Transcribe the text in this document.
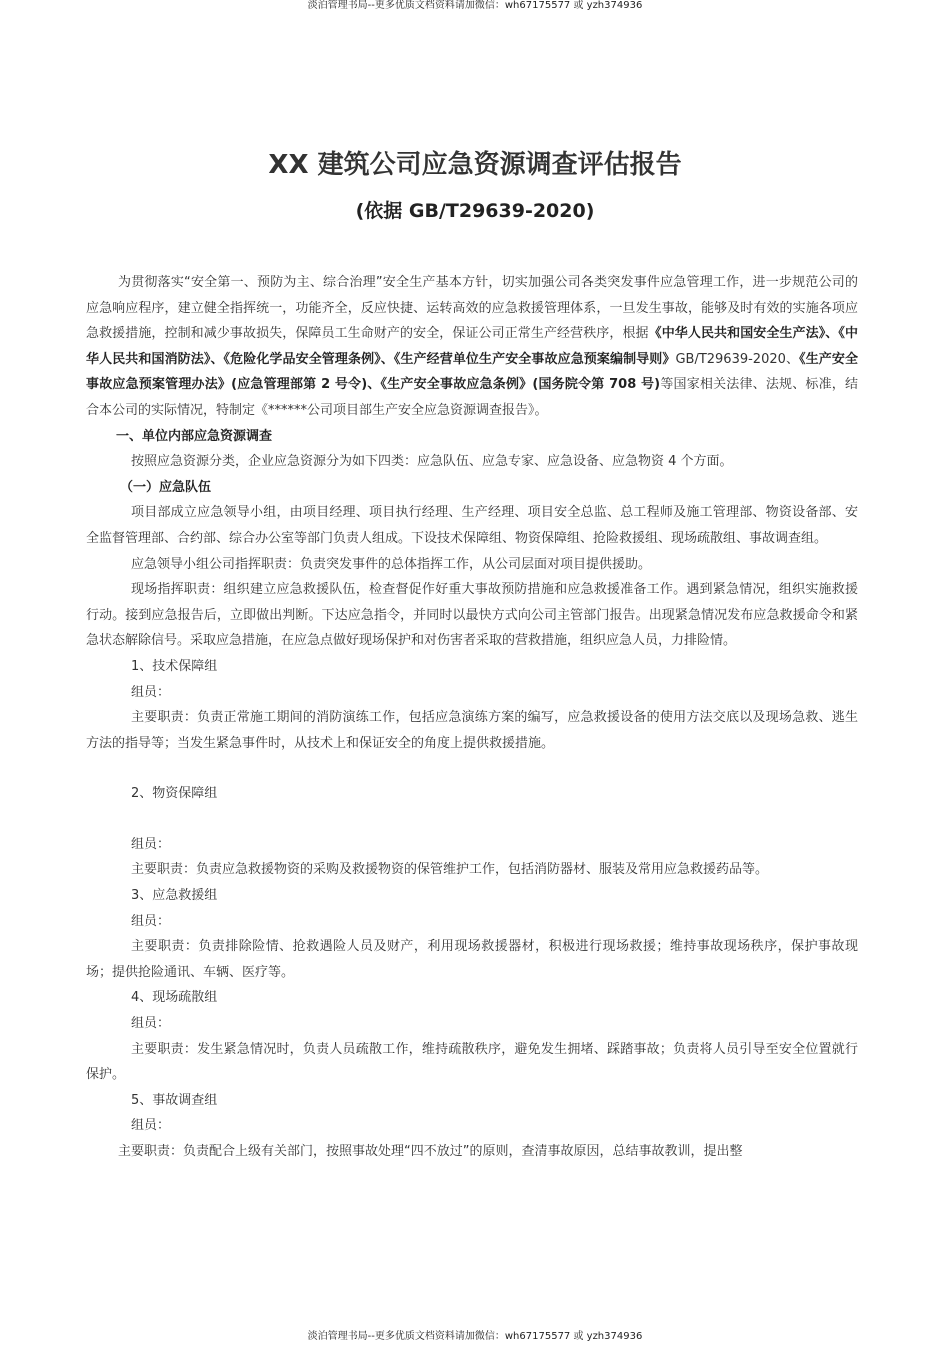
淡泊管理书局--更多优质文档资料请加微信：wh67175577 或 yzh374936
XX 建筑公司应急资源调查评估报告
(依据 GB/T29639-2020)

为贯彻落实“安全第一、预防为主、综合治理”安全生产基本方针，切实加强公司各类突发事件应急管理工作，进一步规范公司的应急响应程序，建立健全指挥统一，功能齐全，反应快捷、运转高效的应急救援管理体系，一旦发生事故，能够及时有效的实施各项应急救援措施，控制和减少事故损失，保障员工生命财产的安全，保证公司正常生产经营秩序，根据《中华人民共和国安全生产法》、《中华人民共和国消防法》、《危险化学品安全管理条例》、《生产经营单位生产安全事故应急预案编制导则》GB/T29639-2020、《生产安全事故应急预案管理办法》(应急管理部第 2 号令)、《生产安全事故应急条例》(国务院令第 708 号)等国家相关法律、法规、标准，结合本公司的实际情况，特制定《******公司项目部生产安全应急资源调查报告》。

一、单位内部应急资源调查

按照应急资源分类，企业应急资源分为如下四类：应急队伍、应急专家、应急设备、应急物资 4 个方面。

（一）应急队伍

项目部成立应急领导小组，由项目经理、项目执行经理、生产经理、项目安全总监、总工程师及施工管理部、物资设备部、安全监督管理部、合约部、综合办公室等部门负责人组成。下设技术保障组、物资保障组、抢险救援组、现场疏散组、事故调查组。

应急领导小组公司指挥职责：负责突发事件的总体指挥工作，从公司层面对项目提供援助。

现场指挥职责：组织建立应急救援队伍，检查督促作好重大事故预防措施和应急救援准备工作。遇到紧急情况，组织实施救援行动。接到应急报告后，立即做出判断。下达应急指令，并同时以最快方式向公司主管部门报告。出现紧急情况发布应急救援命令和紧急状态解除信号。采取应急措施，在应急点做好现场保护和对伤害者采取的营救措施，组织应急人员，力排险情。

1、技术保障组

组员：

主要职责：负责正常施工期间的消防演练工作，包括应急演练方案的编写，应急救援设备的使用方法交底以及现场急救、逃生方法的指导等；当发生紧急事件时，从技术上和保证安全的角度上提供救援措施。

2、物资保障组

组员：

主要职责：负责应急救援物资的采购及救援物资的保管维护工作，包括消防器材、服装及常用应急救援药品等。

3、应急救援组

组员：

主要职责：负责排除险情、抢救遇险人员及财产，利用现场救援器材，积极进行现场救援；维持事故现场秩序，保护事故现场；提供抢险通讯、车辆、医疗等。

4、现场疏散组

组员：

主要职责：发生紧急情况时，负责人员疏散工作，维持疏散秩序，避免发生拥堵、踩踏事故；负责将人员引导至安全位置就行保护。

5、事故调查组

组员：

主要职责：负责配合上级有关部门，按照事故处理“四不放过”的原则，查清事故原因，总结事故教训，提出整

淡泊管理书局--更多优质文档资料请加微信：wh67175577 或 yzh374936
